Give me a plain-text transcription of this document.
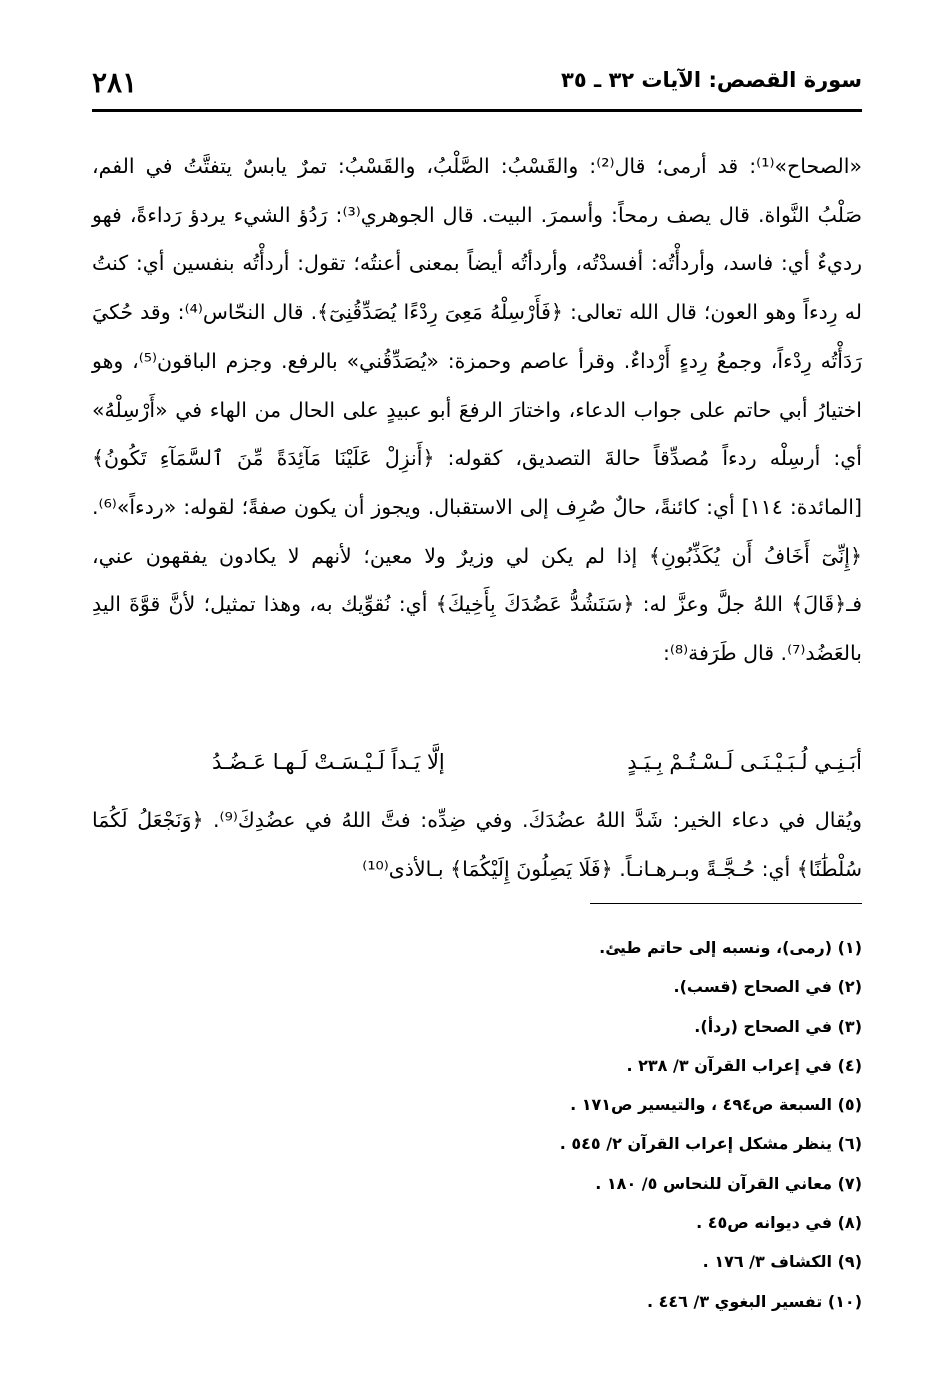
٢٨١	سورة القصص: الآيات ٣٢ ـ ٣٥

«الصحاح»⁽¹⁾: قد أرمى؛ قال⁽²⁾: والقَسْبُ: الصَّلْبُ، والقَسْبُ: تمرٌ يابسٌ يتفتَّتُ في الفم، صَلْبُ النَّواة. قال يصف رمحاً: وأسمرَ. البيت. قال الجوهري⁽³⁾: رَدُؤ الشيء يردؤ رَداءةً، فهو رديءٌ أي: فاسد، وأردأْتُه: أفسدْتُه، وأردأتُه أيضاً بمعنى أعنتُه؛ تقول: أردأْتُه بنفسين أي: كنتُ له رِدءاً وهو العون؛ قال الله تعالى: ﴿فَأَرْسِلْهُ مَعِىَ رِدْءًا يُصَدِّقُنِىٓ﴾. قال النحّاس⁽⁴⁾: وقد حُكيَ رَدَأْتُه رِدْءاً، وجمعُ رِدءٍ أَرْداءٌ. وقرأ عاصم وحمزة: «يُصَدِّقُني» بالرفع. وجزم الباقون⁽⁵⁾، وهو اختيارُ أبي حاتم على جواب الدعاء، واختارَ الرفعَ أبو عبيدٍ على الحال من الهاء في «أَرْسِلْهُ» أي: أرسِلْه ردءاً مُصدِّقاً حالةَ التصديق، كقوله: ﴿أَنزِلْ عَلَيْنَا مَآئِدَةً مِّنَ ٱلسَّمَآءِ تَكُونُ﴾ [المائدة: ١١٤] أي: كائنةً، حالٌ صُرِف إلى الاستقبال. ويجوز أن يكون صفةً؛ لقوله: «ردءاً»⁽⁶⁾. ﴿إِنِّىٓ أَخَافُ أَن يُكَذِّبُونِ﴾ إذا لم يكن لي وزيرٌ ولا معين؛ لأنهم لا يكادون يفقهون عني، فـ﴿قَالَ﴾ اللهُ جلَّ وعزَّ له: ﴿سَنَشُدُّ عَضُدَكَ بِأَخِيكَ﴾ أي: نُقوِّيك به، وهذا تمثيل؛ لأنَّ قوَّةَ اليدِ بالعَضُد⁽⁷⁾. قال طَرَفة⁽⁸⁾:

أبَـنِـي لُـبَـيْـنَـى لَـسْـتُـمْ بِـيَـدٍ
إلَّا يَـداً لَـيْـسَـتْ لَـهـا عَـضُـدُ

ويُقال في دعاء الخير: شَدَّ اللهُ عضُدَكَ. وفي ضِدِّه: فتَّ اللهُ في عضُدِكَ⁽⁹⁾. ﴿وَنَجْعَلُ لَكُمَا سُلْطَٰنًا﴾ أي: حُـجَّـةً وبـرهـانـاً. ﴿فَلَا يَصِلُونَ إِلَيْكُمَا﴾ بـالأذى⁽¹⁰⁾

(١) (رمى)، ونسبه إلى حاتم طيئ.
(٢) في الصحاح (قسب).
(٣) في الصحاح (ردأ).
(٤) في إعراب القرآن ٣/ ٢٣٨ .
(٥) السبعة ص٤٩٤ ، والتيسير ص١٧١ .
(٦) ينظر مشكل إعراب القرآن ٢/ ٥٤٥ .
(٧) معاني القرآن للنحاس ٥/ ١٨٠ .
(٨) في ديوانه ص٤٥ .
(٩) الكشاف ٣/ ١٧٦ .
(١٠) تفسير البغوي ٣/ ٤٤٦ .
